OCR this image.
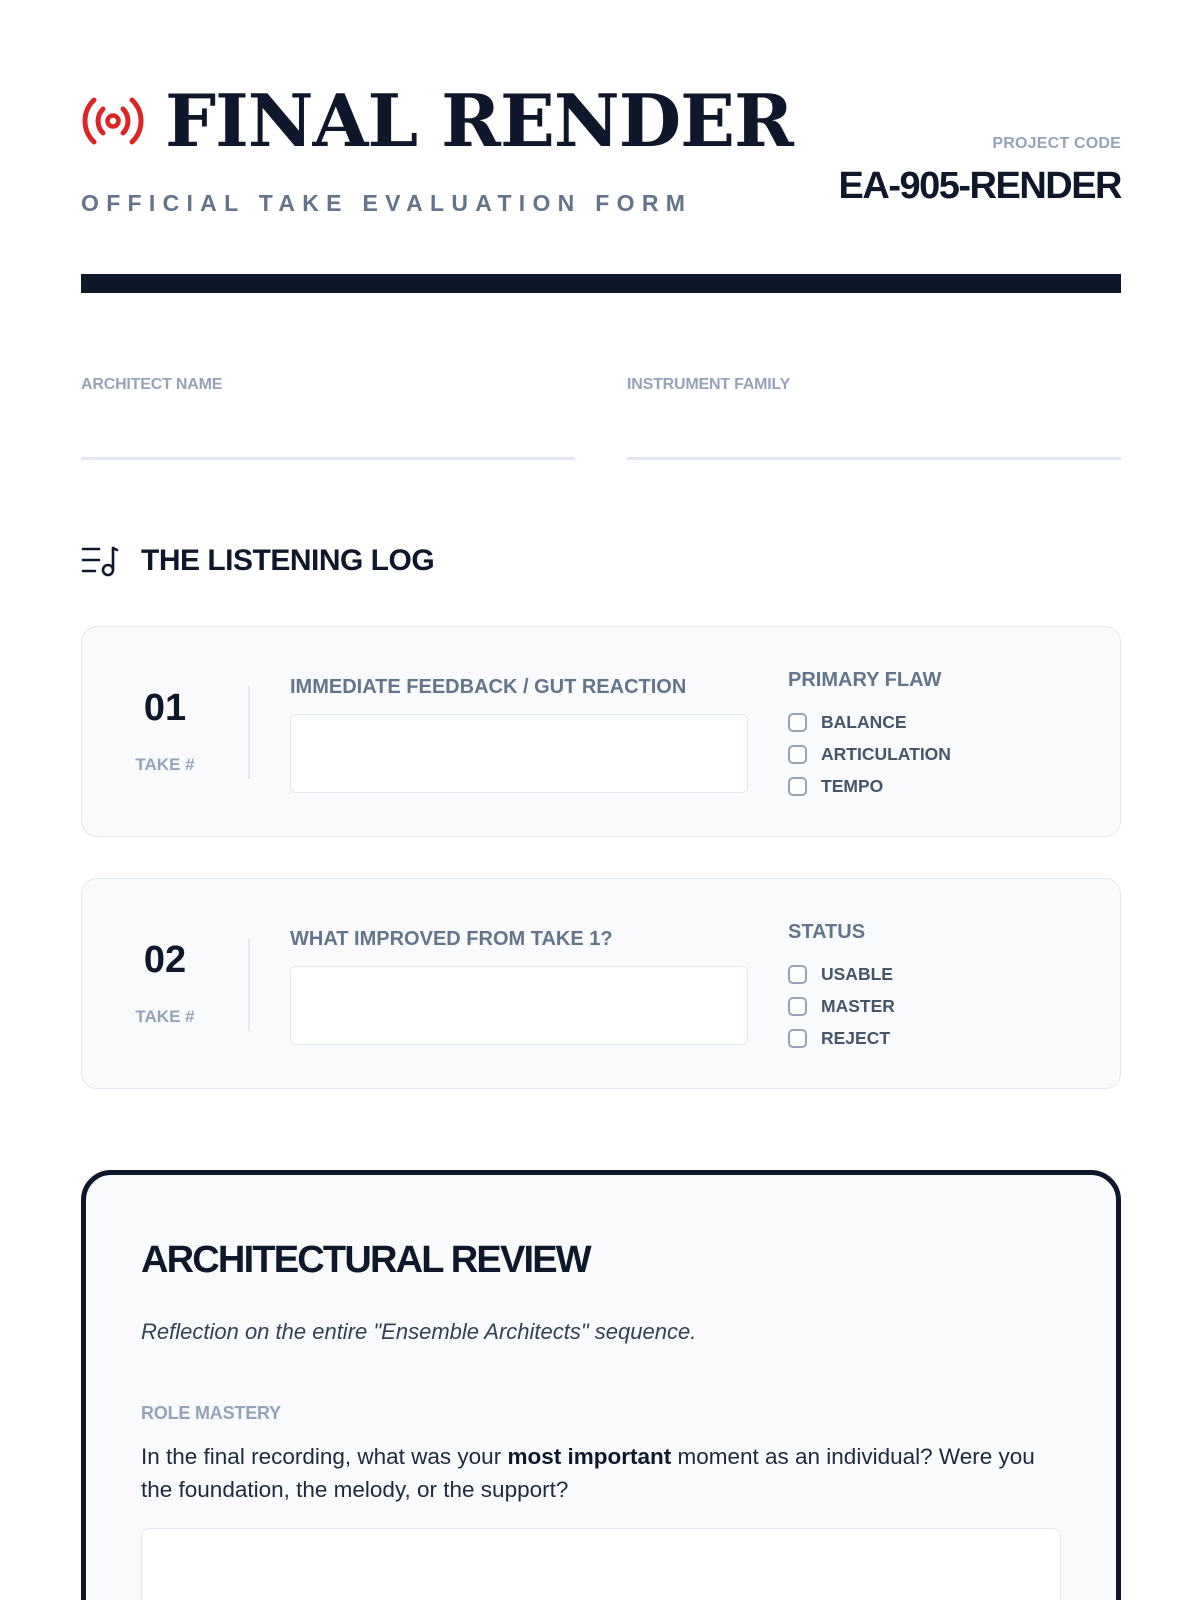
FINAL RENDER
OFFICIAL TAKE EVALUATION FORM
PROJECT CODE
EA-905-RENDER
ARCHITECT NAME	INSTRUMENT FAMILY
THE LISTENING LOG
01
TAKE #
IMMEDIATE FEEDBACK / GUT REACTION	PRIMARY FLAW
BALANCE
ARTICULATION
TEMPO
02
TAKE #
WHAT IMPROVED FROM TAKE 1?	STATUS
USABLE
MASTER
REJECT
ARCHITECTURAL REVIEW

Reflection on the entire "Ensemble Architects" sequence.

ROLE MASTERY

In the final recording, what was your most important moment as an individual? Were you the foundation, the melody, or the support?
